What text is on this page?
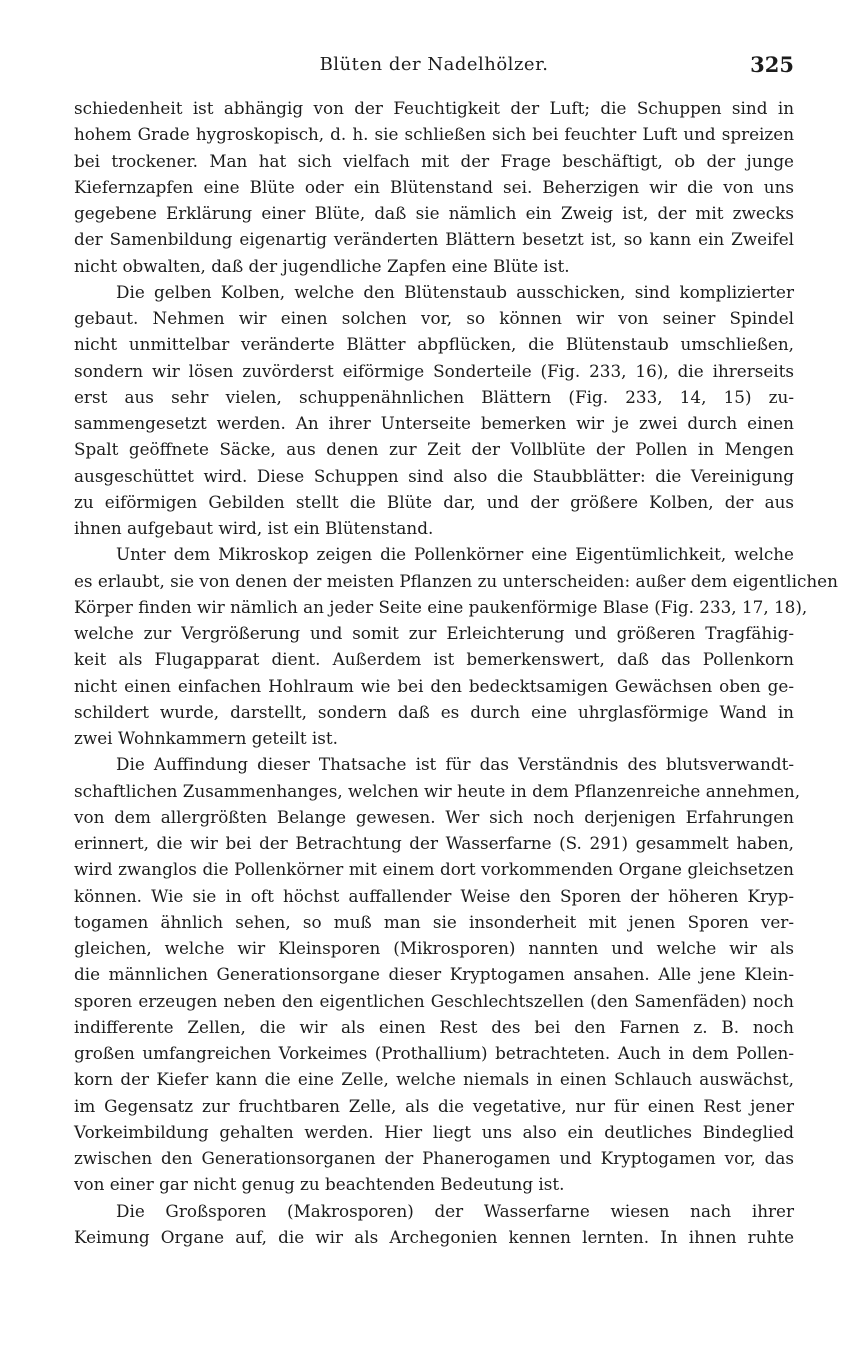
Blüten der Nadelhölzer.	325
schiedenheit ist abhängig von der Feuchtigkeit der Luft; die Schuppen sind in
hohem Grade hygroskopisch, d. h. sie schließen sich bei feuchter Luft und spreizen
bei trockener. Man hat sich vielfach mit der Frage beschäftigt, ob der junge
Kiefernzapfen eine Blüte oder ein Blütenstand sei. Beherzigen wir die von uns
gegebene Erklärung einer Blüte, daß sie nämlich ein Zweig ist, der mit zwecks
der Samenbildung eigenartig veränderten Blättern besetzt ist, so kann ein Zweifel
nicht obwalten, daß der jugendliche Zapfen eine Blüte ist.
Die gelben Kolben, welche den Blütenstaub ausschicken, sind komplizierter
gebaut. Nehmen wir einen solchen vor, so können wir von seiner Spindel
nicht unmittelbar veränderte Blätter abpflücken, die Blütenstaub umschließen,
sondern wir lösen zuvörderst eiförmige Sonderteile (Fig. 233, 16), die ihrerseits
erst aus sehr vielen, schuppenähnlichen Blättern (Fig. 233, 14, 15) zu-
sammengesetzt werden. An ihrer Unterseite bemerken wir je zwei durch einen
Spalt geöffnete Säcke, aus denen zur Zeit der Vollblüte der Pollen in Mengen
ausgeschüttet wird. Diese Schuppen sind also die Staubblätter: die Vereinigung
zu eiförmigen Gebilden stellt die Blüte dar, und der größere Kolben, der aus
ihnen aufgebaut wird, ist ein Blütenstand.
Unter dem Mikroskop zeigen die Pollenkörner eine Eigentümlichkeit, welche
es erlaubt, sie von denen der meisten Pflanzen zu unterscheiden: außer dem eigentlichen
Körper finden wir nämlich an jeder Seite eine paukenförmige Blase (Fig. 233, 17, 18),
welche zur Vergrößerung und somit zur Erleichterung und größeren Tragfähig-
keit als Flugapparat dient. Außerdem ist bemerkenswert, daß das Pollenkorn
nicht einen einfachen Hohlraum wie bei den bedecktsamigen Gewächsen oben ge-
schildert wurde, darstellt, sondern daß es durch eine uhrglasförmige Wand in
zwei Wohnkammern geteilt ist.
Die Auffindung dieser Thatsache ist für das Verständnis des blutsverwandt-
schaftlichen Zusammenhanges, welchen wir heute in dem Pflanzenreiche annehmen,
von dem allergrößten Belange gewesen. Wer sich noch derjenigen Erfahrungen
erinnert, die wir bei der Betrachtung der Wasserfarne (S. 291) gesammelt haben,
wird zwanglos die Pollenkörner mit einem dort vorkommenden Organe gleichsetzen
können. Wie sie in oft höchst auffallender Weise den Sporen der höheren Kryp-
togamen ähnlich sehen, so muß man sie insonderheit mit jenen Sporen ver-
gleichen, welche wir Kleinsporen (Mikrosporen) nannten und welche wir als
die männlichen Generationsorgane dieser Kryptogamen ansahen. Alle jene Klein-
sporen erzeugen neben den eigentlichen Geschlechtszellen (den Samenfäden) noch
indifferente Zellen, die wir als einen Rest des bei den Farnen z. B. noch
großen umfangreichen Vorkeimes (Prothallium) betrachteten. Auch in dem Pollen-
korn der Kiefer kann die eine Zelle, welche niemals in einen Schlauch auswächst,
im Gegensatz zur fruchtbaren Zelle, als die vegetative, nur für einen Rest jener
Vorkeimbildung gehalten werden. Hier liegt uns also ein deutliches Bindeglied
zwischen den Generationsorganen der Phanerogamen und Kryptogamen vor, das
von einer gar nicht genug zu beachtenden Bedeutung ist.
Die Großsporen (Makrosporen) der Wasserfarne wiesen nach ihrer
Keimung Organe auf, die wir als Archegonien kennen lernten. In ihnen ruhte
